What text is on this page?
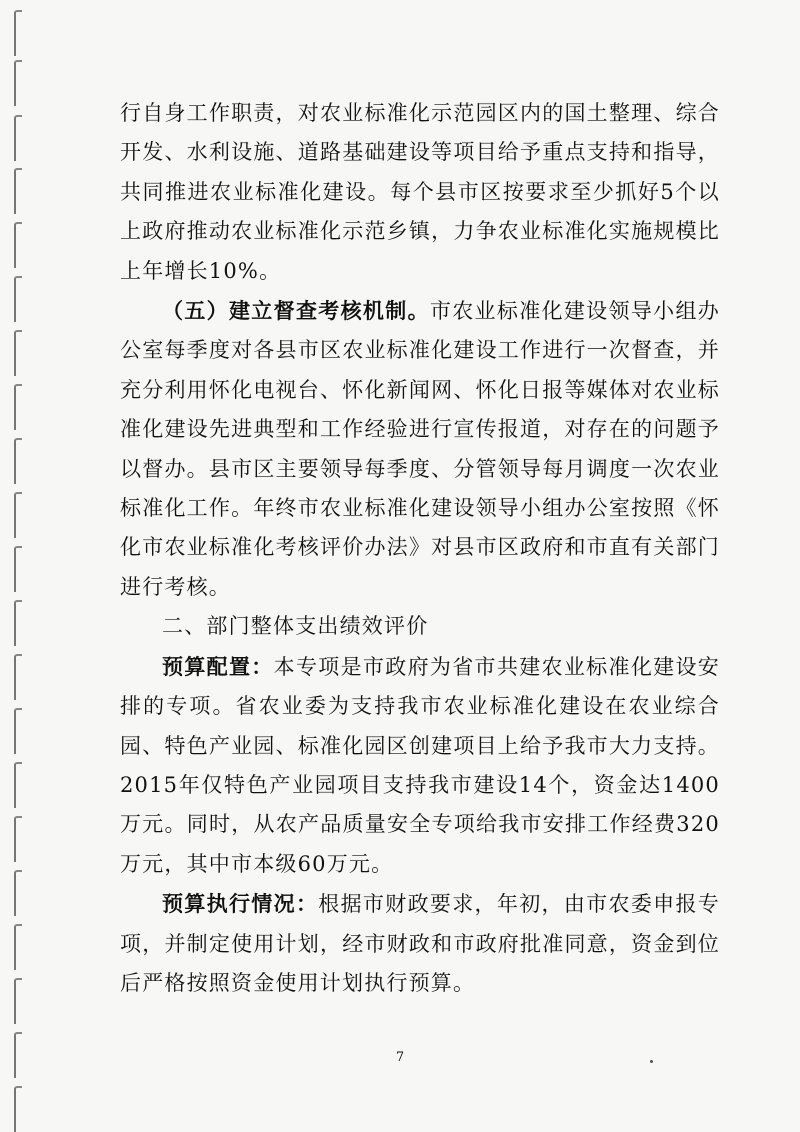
行自身工作职责，对农业标准化示范园区内的国土整理、综合开发、水利设施、道路基础建设等项目给予重点支持和指导，共同推进农业标准化建设。每个县市区按要求至少抓好5个以上政府推动农业标准化示范乡镇，力争农业标准化实施规模比上年增长10%。

（五）建立督查考核机制。市农业标准化建设领导小组办公室每季度对各县市区农业标准化建设工作进行一次督查，并充分利用怀化电视台、怀化新闻网、怀化日报等媒体对农业标准化建设先进典型和工作经验进行宣传报道，对存在的问题予以督办。县市区主要领导每季度、分管领导每月调度一次农业标准化工作。年终市农业标准化建设领导小组办公室按照《怀化市农业标准化考核评价办法》对县市区政府和市直有关部门进行考核。

二、部门整体支出绩效评价

预算配置：本专项是市政府为省市共建农业标准化建设安排的专项。省农业委为支持我市农业标准化建设在农业综合园、特色产业园、标准化园区创建项目上给予我市大力支持。2015年仅特色产业园项目支持我市建设14个，资金达1400万元。同时，从农产品质量安全专项给我市安排工作经费320万元，其中市本级60万元。

预算执行情况：根据市财政要求，年初，由市农委申报专项，并制定使用计划，经市财政和市政府批准同意，资金到位后严格按照资金使用计划执行预算。

7
